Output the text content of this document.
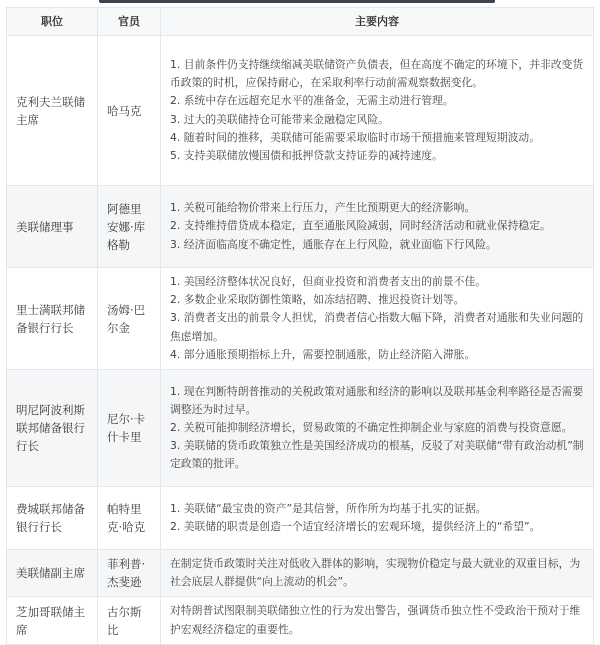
职位	官员	主要内容
克利夫兰联储主席	哈马克	1. 目前条件仍支持继续缩减美联储资产负债表，但在高度不确定的环境下，并非改变货币政策的时机，应保持耐心，在采取利率行动前需观察数据变化。
2. 系统中存在远超充足水平的准备金，无需主动进行管理。
3. 过大的美联储持仓可能带来金融稳定风险。
4. 随着时间的推移，美联储可能需要采取临时市场干预措施来管理短期波动。
5. 支持美联储放慢国债和抵押贷款支持证券的减持速度。

美联储理事	阿德里安娜·库格勒	1. 关税可能给物价带来上行压力，产生比预期更大的经济影响。
2. 支持维持借贷成本稳定，直至通胀风险减弱，同时经济活动和就业保持稳定。
3. 经济面临高度不确定性，通胀存在上行风险，就业面临下行风险。

里士满联邦储备银行行长	汤姆·巴尔金	1. 美国经济整体状况良好，但商业投资和消费者支出的前景不佳。
2. 多数企业采取防御性策略，如冻结招聘、推迟投资计划等。
3. 消费者支出的前景令人担忧，消费者信心指数大幅下降，消费者对通胀和失业问题的焦虑增加。
4. 部分通胀预期指标上升，需要控制通胀，防止经济陷入滞胀。

明尼阿波利斯联邦储备银行行长	尼尔·卡什卡里	1. 现在判断特朗普推动的关税政策对通胀和经济的影响以及联邦基金利率路径是否需要调整还为时过早。
2. 关税可能抑制经济增长，贸易政策的不确定性抑制企业与家庭的消费与投资意愿。
3. 美联储的货币政策独立性是美国经济成功的根基，反驳了对美联储“带有政治动机”制定政策的批评。

费城联邦储备银行行长	帕特里克·哈克	1. 美联储“最宝贵的资产”是其信誉，所作所为均基于扎实的证据。
2. 美联储的职责是创造一个适宜经济增长的宏观环境，提供经济上的“希望”。

美联储副主席	菲利普·杰斐逊	在制定货币政策时关注对低收入群体的影响，实现物价稳定与最大就业的双重目标，为社会底层人群提供“向上流动的机会”。

芝加哥联储主席	古尔斯比	对特朗普试图限制美联储独立性的行为发出警告，强调货币独立性不受政治干预对于维护宏观经济稳定的重要性。
